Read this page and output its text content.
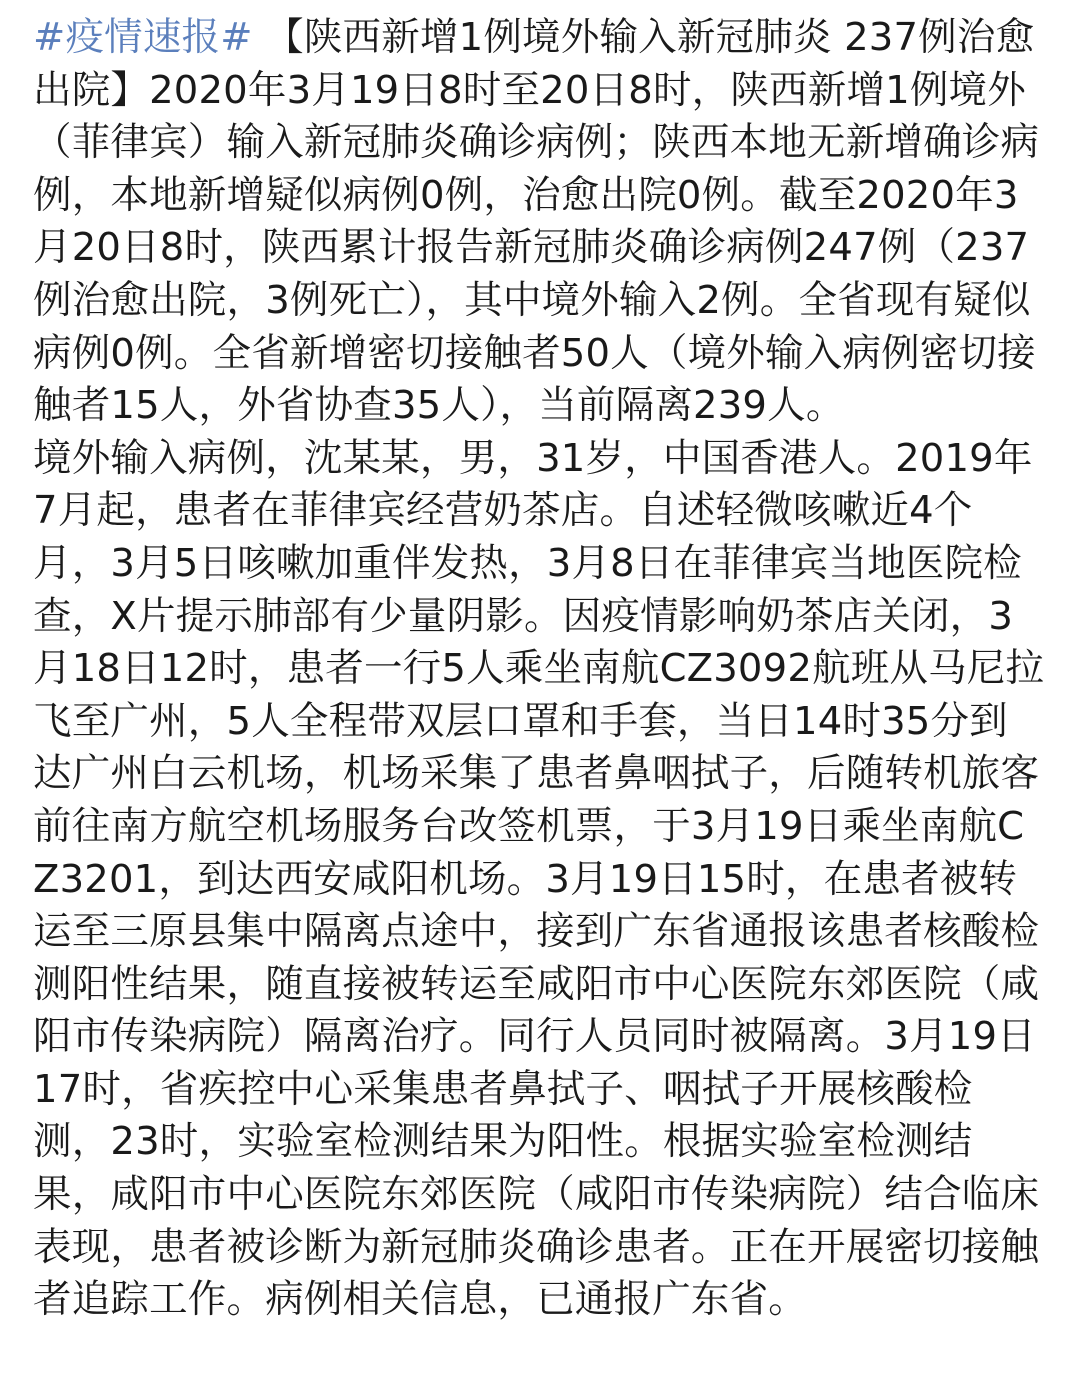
#疫情速报# 【陕西新增1例境外输入新冠肺炎 237例治愈出院】2020年3月19日8时至20日8时，陕西新增1例境外（菲律宾）输入新冠肺炎确诊病例；陕西本地无新增确诊病例，本地新增疑似病例0例，治愈出院0例。截至2020年3月20日8时，陕西累计报告新冠肺炎确诊病例247例（237例治愈出院，3例死亡），其中境外输入2例。全省现有疑似病例0例。全省新增密切接触者50人（境外输入病例密切接触者15人，外省协查35人），当前隔离239人。

境外输入病例，沈某某，男，31岁，中国香港人。2019年7月起，患者在菲律宾经营奶茶店。自述轻微咳嗽近4个月，3月5日咳嗽加重伴发热，3月8日在菲律宾当地医院检查，X片提示肺部有少量阴影。因疫情影响奶茶店关闭，3月18日12时，患者一行5人乘坐南航CZ3092航班从马尼拉飞至广州，5人全程带双层口罩和手套，当日14时35分到达广州白云机场，机场采集了患者鼻咽拭子，后随转机旅客前往南方航空机场服务台改签机票，于3月19日乘坐南航CZ3201，到达西安咸阳机场。3月19日15时，在患者被转运至三原县集中隔离点途中，接到广东省通报该患者核酸检测阳性结果，随直接被转运至咸阳市中心医院东郊医院（咸阳市传染病院）隔离治疗。同行人员同时被隔离。3月19日17时，省疾控中心采集患者鼻拭子、咽拭子开展核酸检测，23时，实验室检测结果为阳性。根据实验室检测结果，咸阳市中心医院东郊医院（咸阳市传染病院）结合临床表现，患者被诊断为新冠肺炎确诊患者。正在开展密切接触者追踪工作。病例相关信息，已通报广东省。
